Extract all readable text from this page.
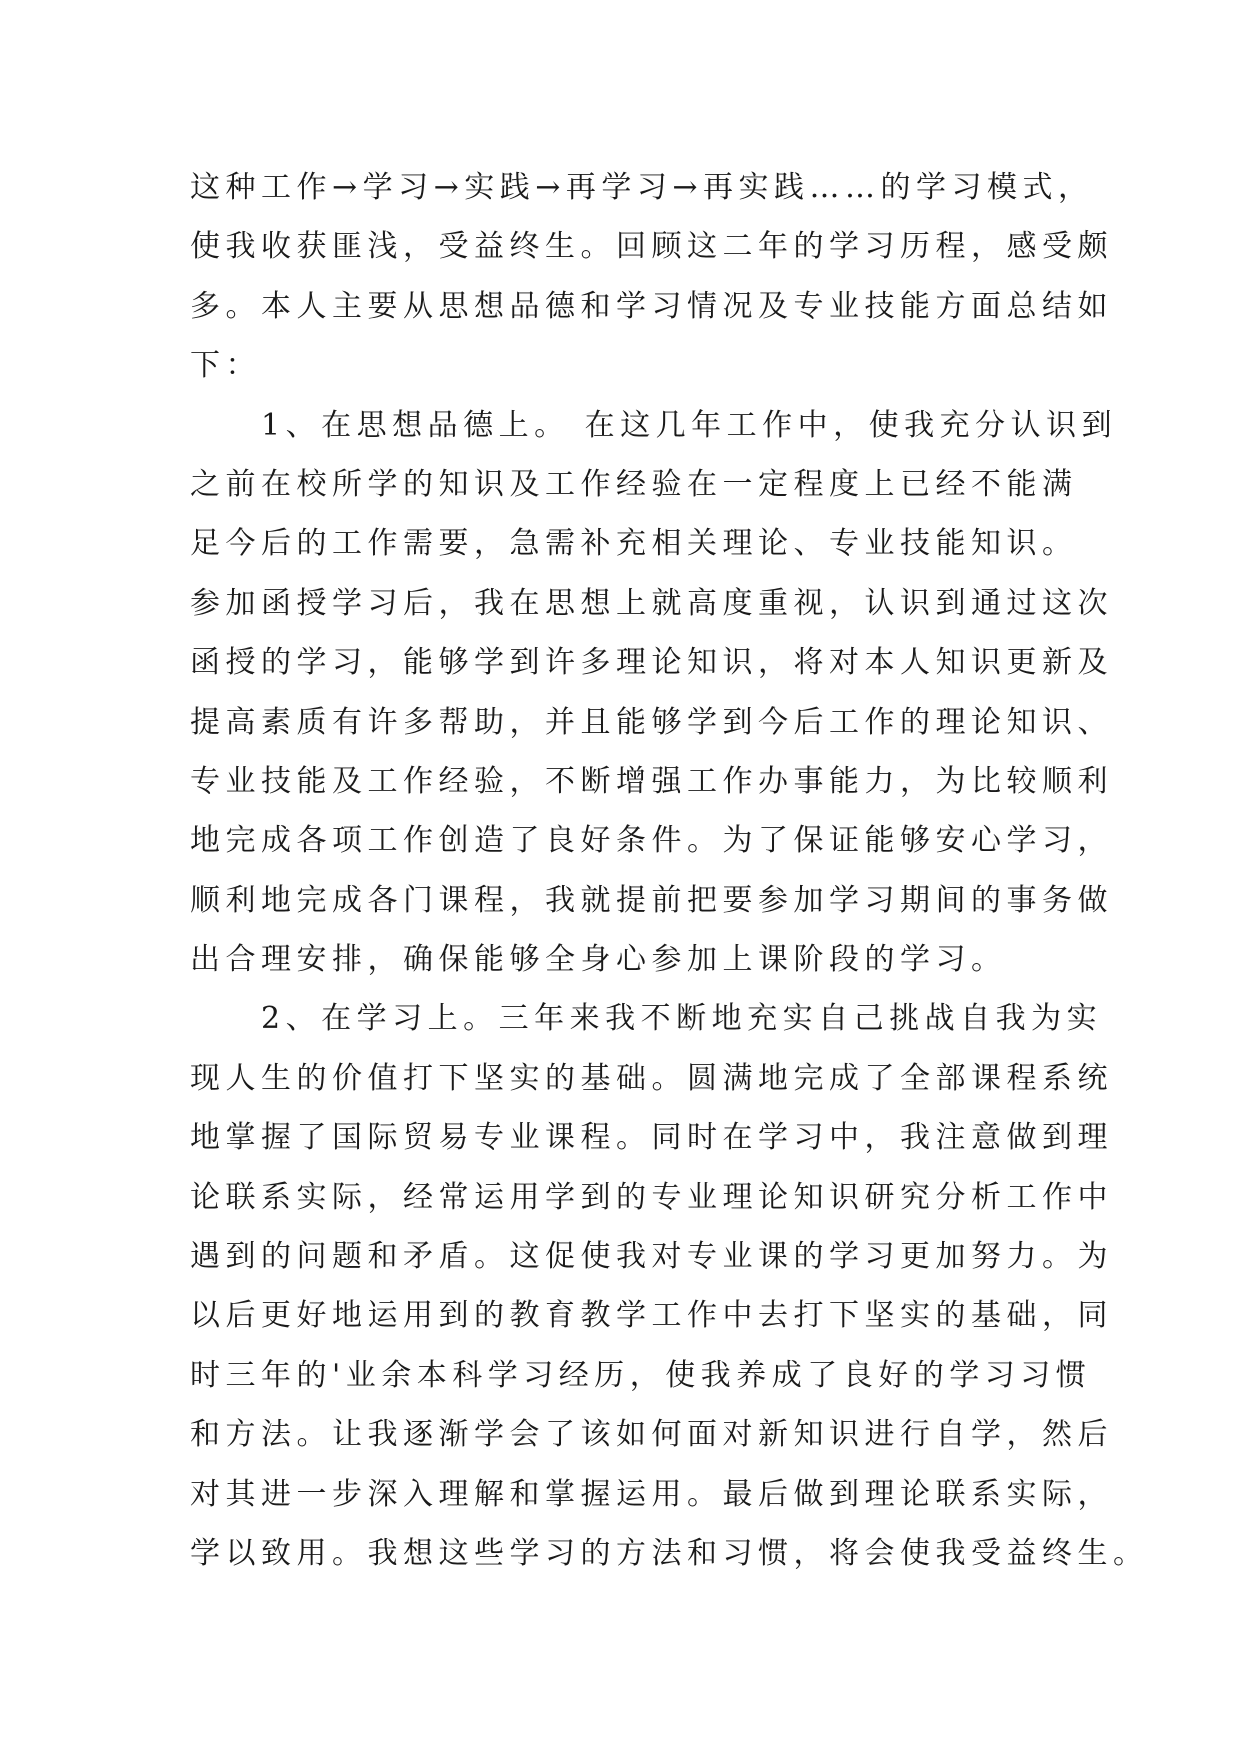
这种工作→学习→实践→再学习→再实践……的学习模式，
使我收获匪浅，受益终生。回顾这二年的学习历程，感受颇
多。本人主要从思想品德和学习情况及专业技能方面总结如
下：
　　1、在思想品德上。 在这几年工作中，使我充分认识到
之前在校所学的知识及工作经验在一定程度上已经不能满
足今后的工作需要，急需补充相关理论、专业技能知识。
参加函授学习后，我在思想上就高度重视，认识到通过这次
函授的学习，能够学到许多理论知识，将对本人知识更新及
提高素质有许多帮助，并且能够学到今后工作的理论知识、
专业技能及工作经验，不断增强工作办事能力，为比较顺利
地完成各项工作创造了良好条件。为了保证能够安心学习，
顺利地完成各门课程，我就提前把要参加学习期间的事务做
出合理安排，确保能够全身心参加上课阶段的学习。
　　2、在学习上。三年来我不断地充实自己挑战自我为实
现人生的价值打下坚实的基础。圆满地完成了全部课程系统
地掌握了国际贸易专业课程。同时在学习中，我注意做到理
论联系实际，经常运用学到的专业理论知识研究分析工作中
遇到的问题和矛盾。这促使我对专业课的学习更加努力。为
以后更好地运用到的教育教学工作中去打下坚实的基础，同
时三年的'业余本科学习经历，使我养成了良好的学习习惯
和方法。让我逐渐学会了该如何面对新知识进行自学，然后
对其进一步深入理解和掌握运用。最后做到理论联系实际，
学以致用。我想这些学习的方法和习惯，将会使我受益终生。
